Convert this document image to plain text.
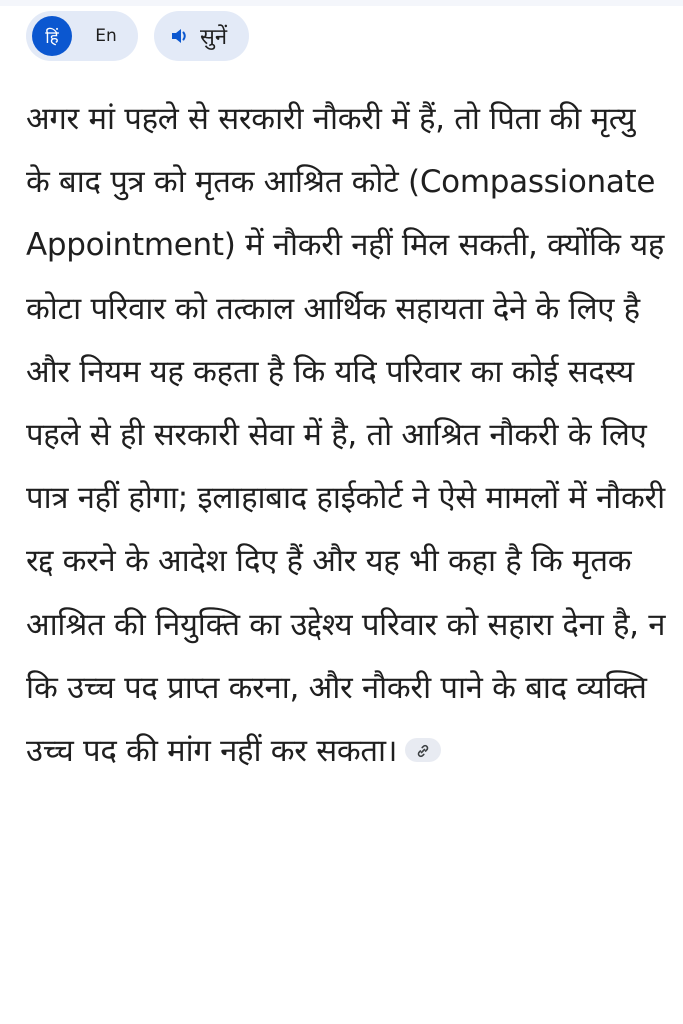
हिं	En	सुनें

अगर मां पहले से सरकारी नौकरी में हैं, तो पिता की मृत्यु के बाद पुत्र को मृतक आश्रित कोटे (Compassionate Appointment) में नौकरी नहीं मिल सकती, क्योंकि यह कोटा परिवार को तत्काल आर्थिक सहायता देने के लिए है और नियम यह कहता है कि यदि परिवार का कोई सदस्य पहले से ही सरकारी सेवा में है, तो आश्रित नौकरी के लिए पात्र नहीं होगा; इलाहाबाद हाईकोर्ट ने ऐसे मामलों में नौकरी रद्द करने के आदेश दिए हैं और यह भी कहा है कि मृतक आश्रित की नियुक्ति का उद्देश्य परिवार को सहारा देना है, न कि उच्च पद प्राप्त करना, और नौकरी पाने के बाद व्यक्ति उच्च पद की मांग नहीं कर सकता।
